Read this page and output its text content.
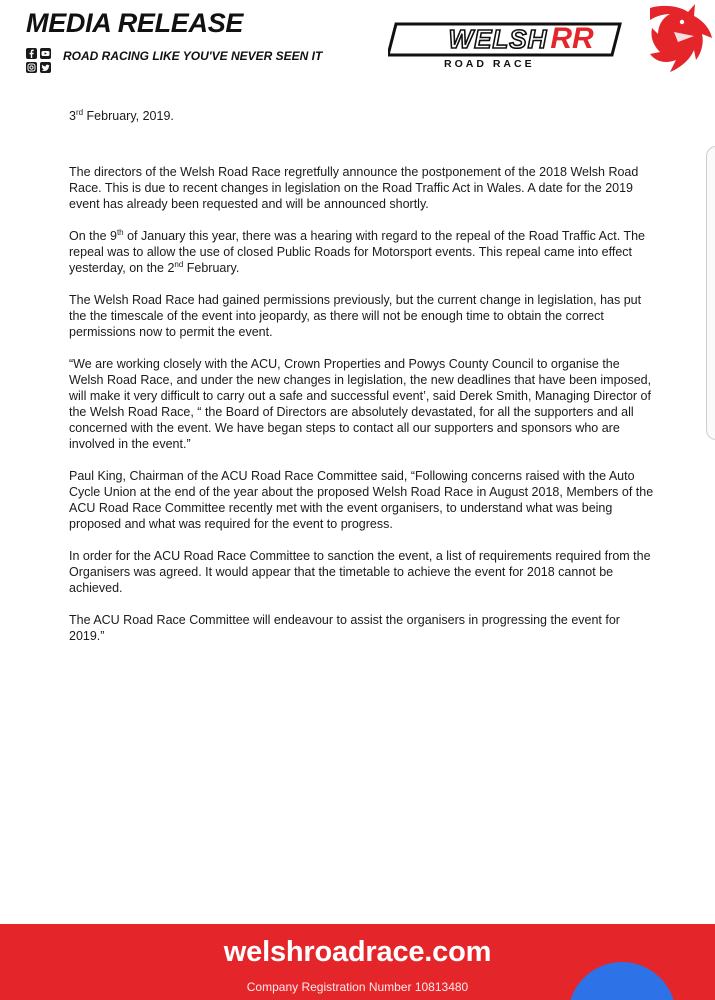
MEDIA RELEASE
ROAD RACING LIKE YOU'VE NEVER SEEN IT
WELSH RR
ROAD RACE

3rd February, 2019.

The directors of the Welsh Road Race regretfully announce the postponement of the 2018 Welsh Road Race. This is due to recent changes in legislation on the Road Traffic Act in Wales. A date for the 2019 event has already been requested and will be announced shortly.

On the 9th of January this year, there was a hearing with regard to the repeal of the Road Traffic Act. The repeal was to allow the use of closed Public Roads for Motorsport events. This repeal came into effect yesterday, on the 2nd February.

The Welsh Road Race had gained permissions previously, but the current change in legislation, has put the the timescale of the event into jeopardy, as there will not be enough time to obtain the correct permissions now to permit the event.

“We are working closely with the ACU, Crown Properties and Powys County Council to organise the Welsh Road Race, and under the new changes in legislation, the new deadlines that have been imposed, will make it very difficult to carry out a safe and successful event’, said Derek Smith, Managing Director of the Welsh Road Race, “ the Board of Directors are absolutely devastated, for all the supporters and all concerned with the event. We have began steps to contact all our supporters and sponsors who are involved in the event.”

Paul King, Chairman of the ACU Road Race Committee said, “Following concerns raised with the Auto Cycle Union at the end of the year about the proposed Welsh Road Race in August 2018, Members of the ACU Road Race Committee recently met with the event organisers, to understand what was being proposed and what was required for the event to progress.

In order for the ACU Road Race Committee to sanction the event, a list of requirements required from the Organisers was agreed. It would appear that the timetable to achieve the event for 2018 cannot be achieved.

The ACU Road Race Committee will endeavour to assist the organisers in progressing the event for 2019.”

welshroadrace.com
Company Registration Number 10813480
